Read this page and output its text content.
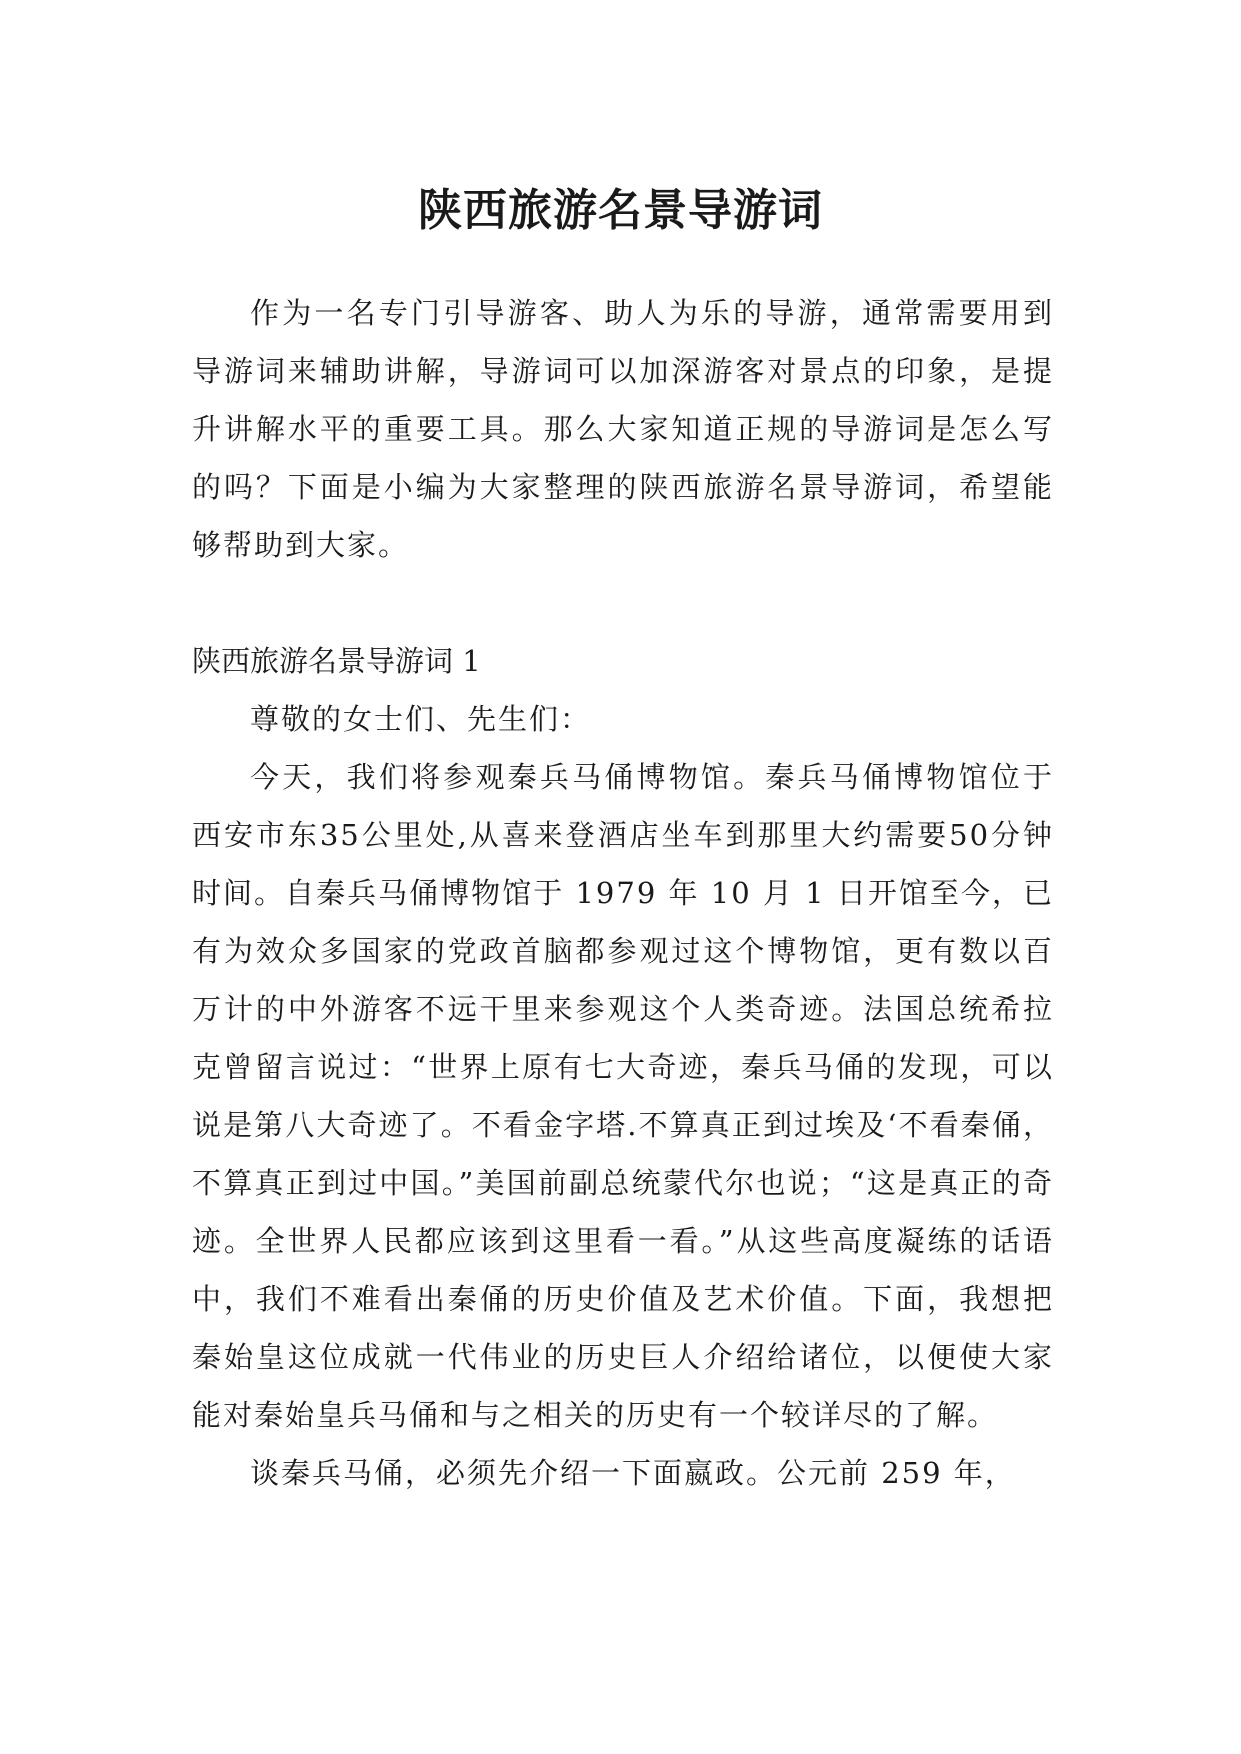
陕西旅游名景导游词

作为一名专门引导游客、助人为乐的导游，通常需要用到导游词来辅助讲解，导游词可以加深游客对景点的印象，是提升讲解水平的重要工具。那么大家知道正规的导游词是怎么写的吗？下面是小编为大家整理的陕西旅游名景导游词，希望能够帮助到大家。

陕西旅游名景导游词 1

尊敬的女士们、先生们：

今天，我们将参观秦兵马俑博物馆。秦兵马俑博物馆位于西安市东35公里处,从喜来登酒店坐车到那里大约需要50分钟时间。自秦兵马俑博物馆于 1979 年 10 月 1 日开馆至今，已有为效众多国家的党政首脑都参观过这个博物馆，更有数以百万计的中外游客不远干里来参观这个人类奇迹。法国总统希拉克曾留言说过：“世界上原有七大奇迹，秦兵马俑的发现，可以说是第八大奇迹了。不看金字塔.不算真正到过埃及‘不看秦俑，不算真正到过中国。”美国前副总统蒙代尔也说；“这是真正的奇迹。全世界人民都应该到这里看一看。”从这些高度凝练的话语中，我们不难看出秦俑的历史价值及艺术价值。下面，我想把秦始皇这位成就一代伟业的历史巨人介绍给诸位，以便使大家能对秦始皇兵马俑和与之相关的历史有一个较详尽的了解。

谈秦兵马俑，必须先介绍一下面嬴政。公元前 259 年，
